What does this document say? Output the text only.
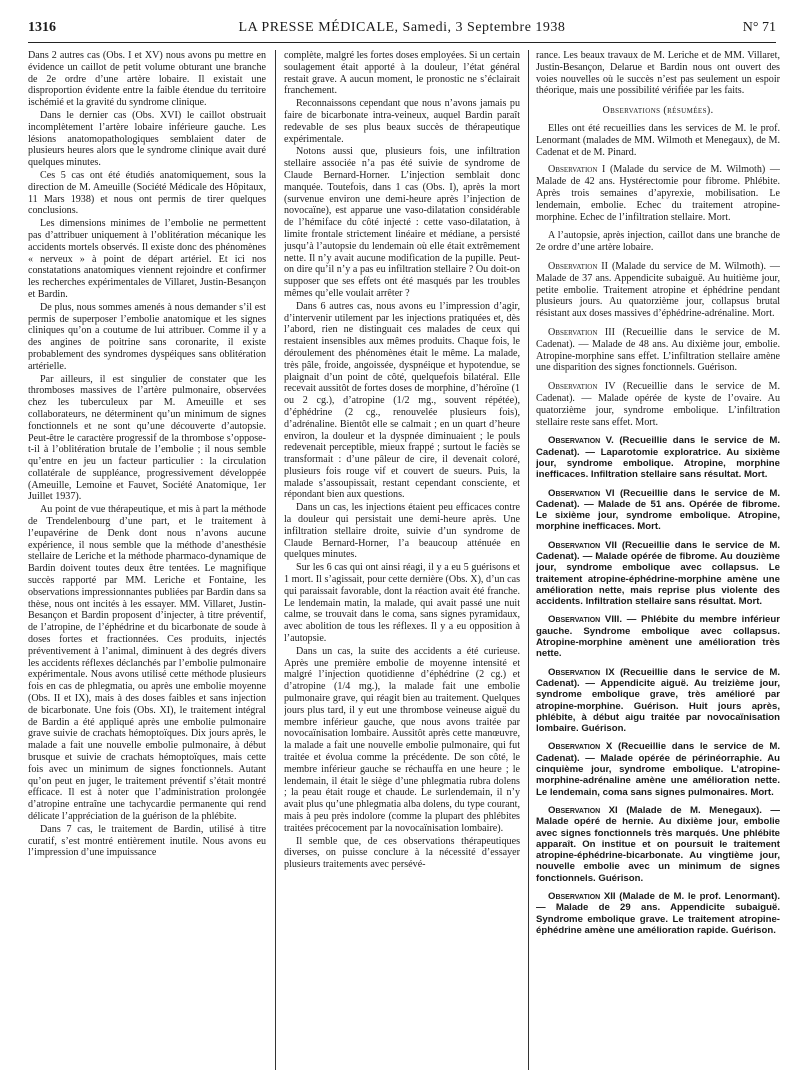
1316	LA PRESSE MÉDICALE, Samedi, 3 Septembre 1938	N° 71

Dans 2 autres cas (Obs. I et XV) nous avons pu mettre en évidence un caillot de petit volume obturant une branche de 2e ordre d’une artère lobaire. Il existait une disproportion évidente entre la faible étendue du territoire ischémié et la gravité du syndrome clinique.

Dans le dernier cas (Obs. XVI) le caillot obstruait incomplètement l’artère lobaire inférieure gauche. Les lésions anatomopathologiques semblaient dater de plusieurs heures alors que le syndrome clinique avait duré quelques minutes.

Ces 5 cas ont été étudiés anatomiquement, sous la direction de M. Ameuille (Société Médicale des Hôpitaux, 11 Mars 1938) et nous ont permis de tirer quelques conclusions.

Les dimensions minimes de l’embolie ne permettent pas d’attribuer uniquement à l’oblitération mécanique les accidents mortels observés. Il existe donc des phénomènes « nerveux » à point de départ artériel. Et ici nos constatations anatomiques viennent rejoindre et confirmer les recherches expérimentales de Villaret, Justin-Besançon et Bardin.

De plus, nous sommes amenés à nous demander s’il est permis de superposer l’embolie anatomique et les signes cliniques qu’on a coutume de lui attribuer. Comme il y a des angines de poitrine sans coronarite, il existe probablement des syndromes dyspéiques sans oblitération artérielle.

Par ailleurs, il est singulier de constater que les thromboses massives de l’artère pulmonaire, observées chez les tuberculeux par M. Ameuille et ses collaborateurs, ne déterminent qu’un minimum de signes fonctionnels et ne sont qu’une découverte d’autopsie. Peut-être le caractère progressif de la thrombose s’oppose-t-il à l’oblitération brutale de l’embolie ; il nous semble qu’entre en jeu un facteur particulier : la circulation collatérale de suppléance, progressivement développée (Ameuille, Lemoine et Fauvet, Société Anatomique, 1er Juillet 1937).

Au point de vue thérapeutique, et mis à part la méthode de Trendelenbourg d’une part, et le traitement à l’eupavérine de Denk dont nous n’avons aucune expérience, il nous semble que la méthode d’anesthésie stellaire de Leriche et la méthode pharmaco-dynamique de Bardin doivent toutes deux être tentées. Le magnifique succès rapporté par MM. Leriche et Fontaine, les observations impressionnantes publiées par Bardin dans sa thèse, nous ont incités à les essayer. MM. Villaret, Justin-Besançon et Bardin proposent d’injecter, à titre préventif, de l’atropine, de l’éphédrine et du bicarbonate de soude à doses fortes et fractionnées. Ces produits, injectés préventivement à l’animal, diminuent à des degrés divers les accidents réflexes déclanchés par l’embolie pulmonaire expérimentale. Nous avons utilisé cette méthode plusieurs fois en cas de phlegmatia, ou après une embolie moyenne (Obs. II et IX), mais à des doses faibles et sans injection de bicarbonate. Une fois (Obs. XI), le traitement intégral de Bardin a été appliqué après une embolie pulmonaire grave suivie de crachats hémoptoïques. Dix jours après, le malade a fait une nouvelle embolie pulmonaire, à début brusque et suivie de crachats hémoptoïques, mais cette fois avec un minimum de signes fonctionnels. Autant qu’on peut en juger, le traitement préventif s’était montré efficace. Il est à noter que l’administration prolongée d’atropine entraîne une tachycardie permanente qui rend délicate l’appréciation de la guérison de la phlébite.

Dans 7 cas, le traitement de Bardin, utilisé à titre curatif, s’est montré entièrement inutile. Nous avons eu l’impression d’une impuissance

complète, malgré les fortes doses employées. Si un certain soulagement était apporté à la douleur, l’état général restait grave. A aucun moment, le pronostic ne s’éclairait franchement.

Reconnaissons cependant que nous n’avons jamais pu faire de bicarbonate intra-veineux, auquel Bardin paraît redevable de ses plus beaux succès de thérapeutique expérimentale.

Notons aussi que, plusieurs fois, une infiltration stellaire associée n’a pas été suivie de syndrome de Claude Bernard-Horner. L’injection semblait donc manquée. Toutefois, dans 1 cas (Obs. I), après la mort (survenue environ une demi-heure après l’injection de novocaïne), est apparue une vaso-dilatation considérable de l’hémiface du côté injecté : cette vaso-dilatation, à limite frontale strictement linéaire et médiane, a persisté jusqu’à l’autopsie du lendemain où elle était extrêmement nette. Il n’y avait aucune modification de la pupille. Peut-on dire qu’il n’y a pas eu infiltration stellaire ? Ou doit-on supposer que ses effets ont été masqués par les troubles mêmes qu’elle voulait arrêter ?

Dans 6 autres cas, nous avons eu l’impression d’agir, d’intervenir utilement par les injections pratiquées et, dès l’abord, rien ne distinguait ces malades de ceux qui restaient insensibles aux mêmes produits. Chaque fois, le déroulement des phénomènes était le même. La malade, très pâle, froide, angoissée, dyspnéique et hypotendue, se plaignait d’un point de côté, quelquefois bilatéral. Elle recevait aussitôt de fortes doses de morphine, d’héroïne (1 ou 2 cg.), d’atropine (1/2 mg., souvent répétée), d’éphédrine (2 cg., renouvelée plusieurs fois), d’adrénaline. Bientôt elle se calmait ; en un quart d’heure environ, la douleur et la dyspnée diminuaient ; le pouls redevenait perceptible, mieux frappé ; surtout le faciès se transformait : d’une pâleur de cire, il devenait coloré, plusieurs fois rouge vif et couvert de sueurs. Puis, la malade s’assoupissait, restant cependant consciente, et répondant bien aux questions.

Dans un cas, les injections étaient peu efficaces contre la douleur qui persistait une demi-heure après. Une infiltration stellaire droite, suivie d’un syndrome de Claude Bernard-Horner, l’a beaucoup atténuée en quelques minutes.

Sur les 6 cas qui ont ainsi réagi, il y a eu 5 guérisons et 1 mort. Il s’agissait, pour cette dernière (Obs. X), d’un cas qui paraissait favorable, dont la réaction avait été franche. Le lendemain matin, la malade, qui avait passé une nuit calme, se trouvait dans le coma, sans signes pyramidaux, avec abolition de tous les réflexes. Il y a eu opposition à l’autopsie.

Dans un cas, la suite des accidents a été curieuse. Après une première embolie de moyenne intensité et malgré l’injection quotidienne d’éphédrine (2 cg.) et d’atropine (1/4 mg.), la malade fait une embolie pulmonaire grave, qui réagit bien au traitement. Quelques jours plus tard, il y eut une thrombose veineuse aiguë du membre inférieur gauche, que nous avons traitée par novocaïnisation lombaire. Aussitôt après cette manœuvre, la malade a fait une nouvelle embolie pulmonaire, qui fut traitée et évolua comme la précédente. De son côté, le membre inférieur gauche se réchauffa en une heure ; le lendemain, il était le siège d’une phlegmatia rubra dolens ; la peau était rouge et chaude. Le surlendemain, il n’y avait plus qu’une phlegmatia alba dolens, du type courant, mais à peu près indolore (comme la plupart des phlébites traitées précocement par la novocaïnisation lombaire).

Il semble que, de ces observations thérapeutiques diverses, on puisse conclure à la nécessité d’essayer plusieurs traitements avec persévé-

rance. Les beaux travaux de M. Leriche et de MM. Villaret, Justin-Besançon, Delarue et Bardin nous ont ouvert des voies nouvelles où le succès n’est pas seulement un espoir théorique, mais une possibilité vérifiée par les faits.

Observations (résumées).

Elles ont été recueillies dans les services de M. le prof. Lenormant (malades de MM. Wilmoth et Menegaux), de M. Cadenat et de M. Pinard.

Observation I (Malade du service de M. Wilmoth) — Malade de 42 ans. Hystérectomie pour fibrome. Phlébite. Après trois semaines d’apyrexie, mobilisation. Le lendemain, embolie. Echec du traitement atropine-morphine. Echec de l’infiltration stellaire. Mort.

A l’autopsie, après injection, caillot dans une branche de 2e ordre d’une artère lobaire.

Observation II (Malade du service de M. Wilmoth). — Malade de 37 ans. Appendicite subaiguë. Au huitième jour, petite embolie. Traitement atropine et éphédrine pendant plusieurs jours. Au quatorzième jour, collapsus brutal résistant aux doses massives d’éphédrine-adrénaline. Mort.

Observation III (Recueillie dans le service de M. Cadenat). — Malade de 48 ans. Au dixième jour, embolie. Atropine-morphine sans effet. L’infiltration stellaire amène une disparition des signes fonctionnels. Guérison.

Observation IV (Recueillie dans le service de M. Cadenat). — Malade opérée de kyste de l’ovaire. Au quatorzième jour, syndrome embolique. L’infiltration stellaire reste sans effet. Mort.

Observation V. (Recueillie dans le service de M. Cadenat). — Laparotomie exploratrice. Au sixième jour, syndrome embolique. Atropine, morphine inefficaces. Infiltration stellaire sans résultat. Mort.

Observation VI (Recueillie dans le service de M. Cadenat). — Malade de 51 ans. Opérée de fibrome. Le sixième jour, syndrome embolique. Atropine, morphine inefficaces. Mort.

Observation VII (Recueillie dans le service de M. Cadenat). — Malade opérée de fibrome. Au douzième jour, syndrome embolique avec collapsus. Le traitement atropine-éphédrine-morphine amène une amélioration nette, mais reprise plus violente des accidents. Infiltration stellaire sans résultat. Mort.

Observation VIII. — Phlébite du membre inférieur gauche. Syndrome embolique avec collapsus. Atropine-morphine amènent une amélioration très nette.

Observation IX (Recueillie dans le service de M. Cadenat). — Appendicite aiguë. Au treizième jour, syndrome embolique grave, très amélioré par atropine-morphine. Guérison. Huit jours après, phlébite, à début aigu traitée par novocaïnisation lombaire. Guérison.

Observation X (Recueillie dans le service de M. Cadenat). — Malade opérée de périnéorraphie. Au cinquième jour, syndrome embolique. L’atropine-morphine-adrénaline amène une amélioration nette. Le lendemain, coma sans signes pulmonaires. Mort.

Observation XI (Malade de M. Menegaux). — Malade opéré de hernie. Au dixième jour, embolie avec signes fonctionnels très marqués. Une phlébite apparaît. On institue et on poursuit le traitement atropine-éphédrine-bicarbonate. Au vingtième jour, nouvelle embolie avec un minimum de signes fonctionnels. Guérison.

Observation XII (Malade de M. le prof. Lenormant). — Malade de 29 ans. Appendicite subaiguë. Syndrome embolique grave. Le traitement atropine-éphédrine amène une amélioration rapide. Guérison.
